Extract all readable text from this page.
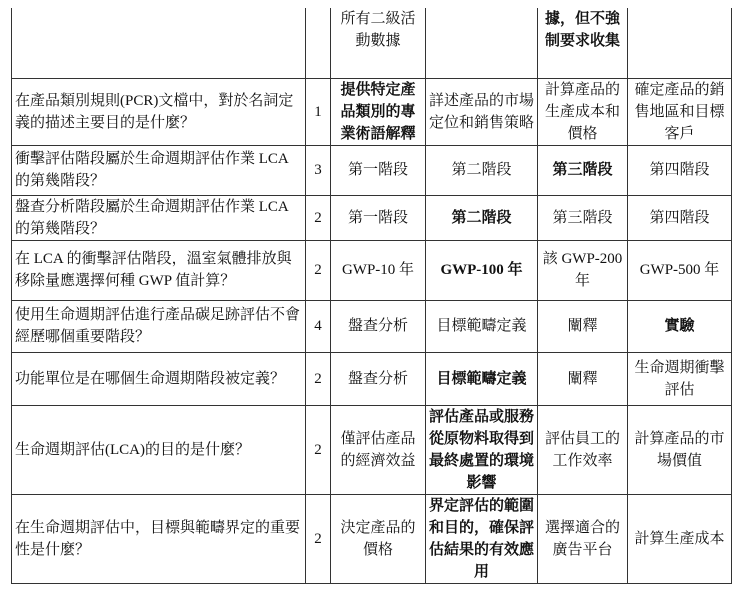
		所有二級活動數據		據，但不強制要求收集	
在產品類別規則(PCR)文檔中，對於名詞定義的描述主要目的是什麼？	1	提供特定產品類別的專業術語解釋	詳述產品的市場定位和銷售策略	計算產品的生產成本和價格	確定產品的銷售地區和目標客戶
衝擊評估階段屬於生命週期評估作業 LCA 的第幾階段？	3	第一階段	第二階段	第三階段	第四階段
盤查分析階段屬於生命週期評估作業 LCA 的第幾階段？	2	第一階段	第二階段	第三階段	第四階段
在 LCA 的衝擊評估階段，溫室氣體排放與移除量應選擇何種 GWP 值計算？	2	GWP-10 年	GWP-100 年	該 GWP-200 年	GWP-500 年
使用生命週期評估進行產品碳足跡評估不會經歷哪個重要階段？	4	盤查分析	目標範疇定義	闡釋	實驗
功能單位是在哪個生命週期階段被定義？	2	盤查分析	目標範疇定義	闡釋	生命週期衝擊評估
生命週期評估(LCA)的目的是什麼？	2	僅評估產品的經濟效益	評估產品或服務從原物料取得到最終處置的環境影響	評估員工的工作效率	計算產品的市場價值
在生命週期評估中，目標與範疇界定的重要性是什麼？	2	決定產品的價格	界定評估的範圍和目的，確保評估結果的有效應用	選擇適合的廣告平台	計算生產成本
